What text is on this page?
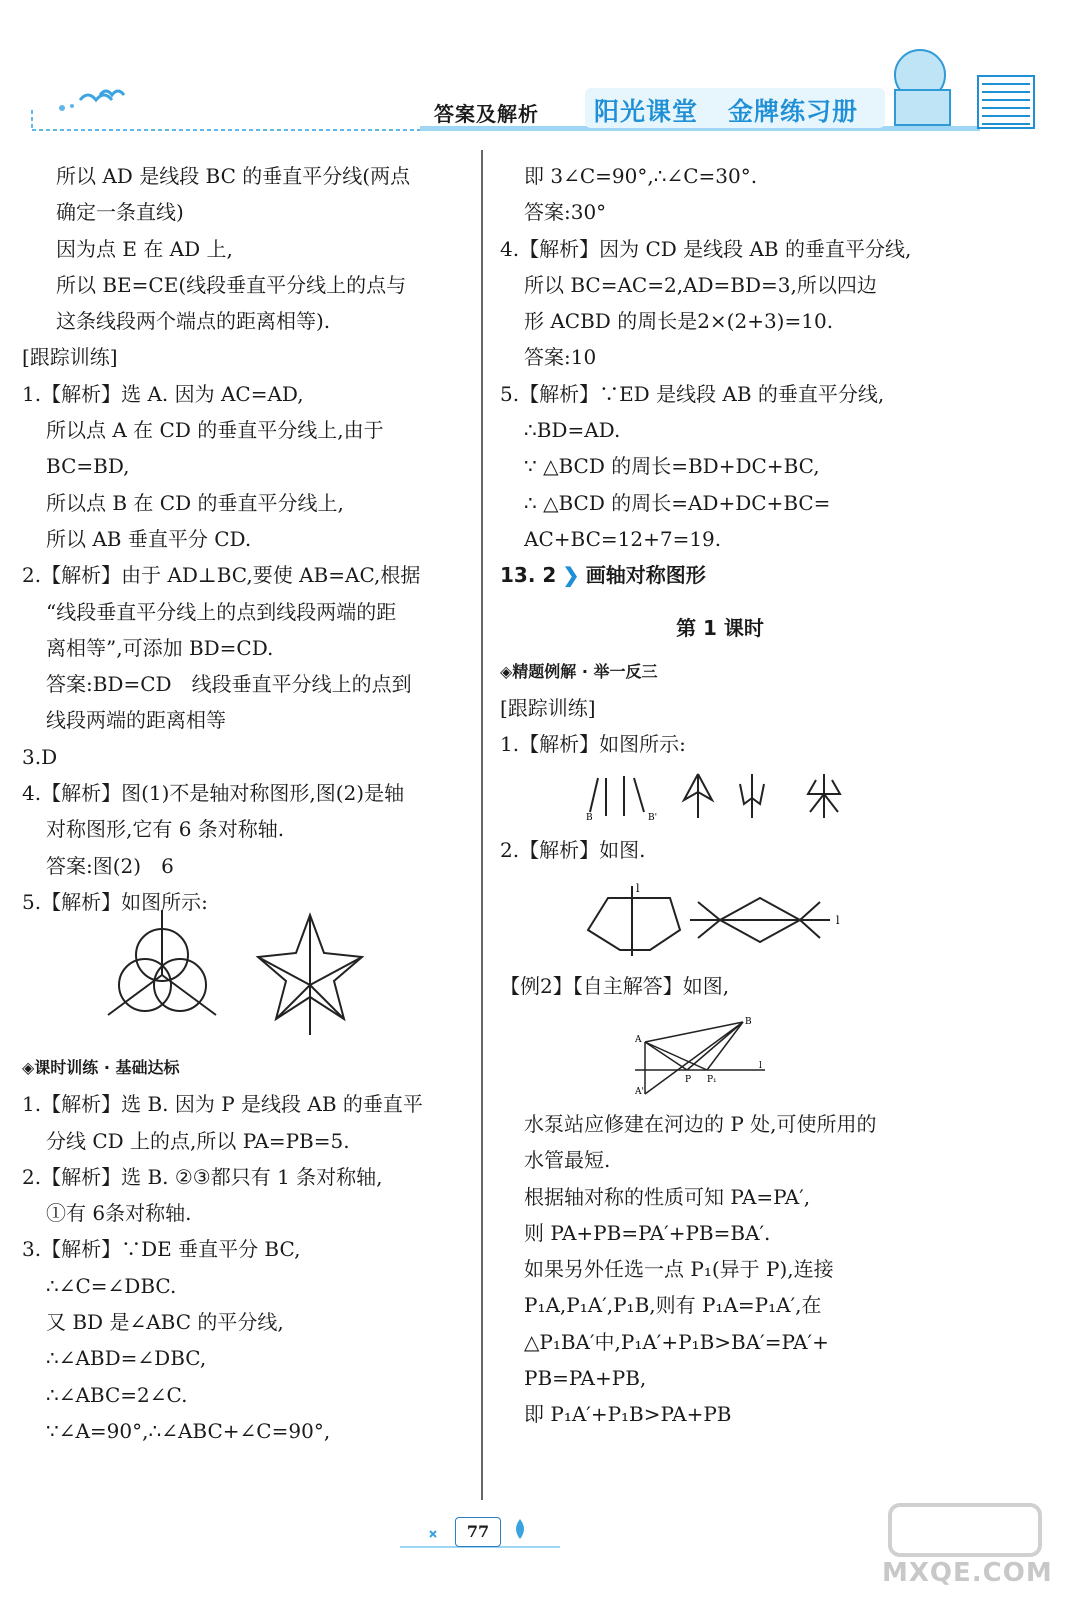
答案及解析 阳光课堂 金牌练习册
所以 AD 是线段 BC 的垂直平分线(两点
确定一条直线)
因为点 E 在 AD 上,
所以 BE=CE(线段垂直平分线上的点与
这条线段两个端点的距离相等).
[跟踪训练]
1.【解析】选 A. 因为 AC=AD,
所以点 A 在 CD 的垂直平分线上,由于
BC=BD,
所以点 B 在 CD 的垂直平分线上,
所以 AB 垂直平分 CD.
2.【解析】由于 AD⊥BC,要使 AB=AC,根据
“线段垂直平分线上的点到线段两端的距
离相等”,可添加 BD=CD.
答案:BD=CD　线段垂直平分线上的点到
线段两端的距离相等
3.D
4.【解析】图(1)不是轴对称图形,图(2)是轴
对称图形,它有 6 条对称轴.
答案:图(2)　6
5.【解析】如图所示:
◈课时训练 · 基础达标
1.【解析】选 B. 因为 P 是线段 AB 的垂直平
分线 CD 上的点,所以 PA=PB=5.
2.【解析】选 B. ②③都只有 1 条对称轴,
①有 6条对称轴.
3.【解析】∵DE 垂直平分 BC,
∴∠C=∠DBC.
又 BD 是∠ABC 的平分线,
∴∠ABD=∠DBC,
∴∠ABC=2∠C.
∵∠A=90°,∴∠ABC+∠C=90°,
即 3∠C=90°,∴∠C=30°.
答案:30°
4.【解析】因为 CD 是线段 AB 的垂直平分线,
所以 BC=AC=2,AD=BD=3,所以四边
形 ACBD 的周长是2×(2+3)=10.
答案:10
5.【解析】∵ED 是线段 AB 的垂直平分线,
∴BD=AD.
∵ △BCD 的周长=BD+DC+BC,
∴ △BCD 的周长=AD+DC+BC=
AC+BC=12+7=19.
13. 2 ❯ 画轴对称图形
第 1 课时
◈精题例解 · 举一反三
[跟踪训练]
1.【解析】如图所示:
B	B'
2.【解析】如图.
l
l
【例2】【自主解答】如图,
A
A'
P P₁
B
l
水泵站应修建在河边的 P 处,可使所用的
水管最短.
根据轴对称的性质可知 PA=PA′,
则 PA+PB=PA′+PB=BA′.
如果另外任选一点 P₁(异于 P),连接
P₁A,P₁A′,P₁B,则有 P₁A=P₁A′,在
△P₁BA′中,P₁A′+P₁B>BA′=PA′+
PB=PA+PB,
即 P₁A′+P₁B>PA+PB
77
MXQE.COM
